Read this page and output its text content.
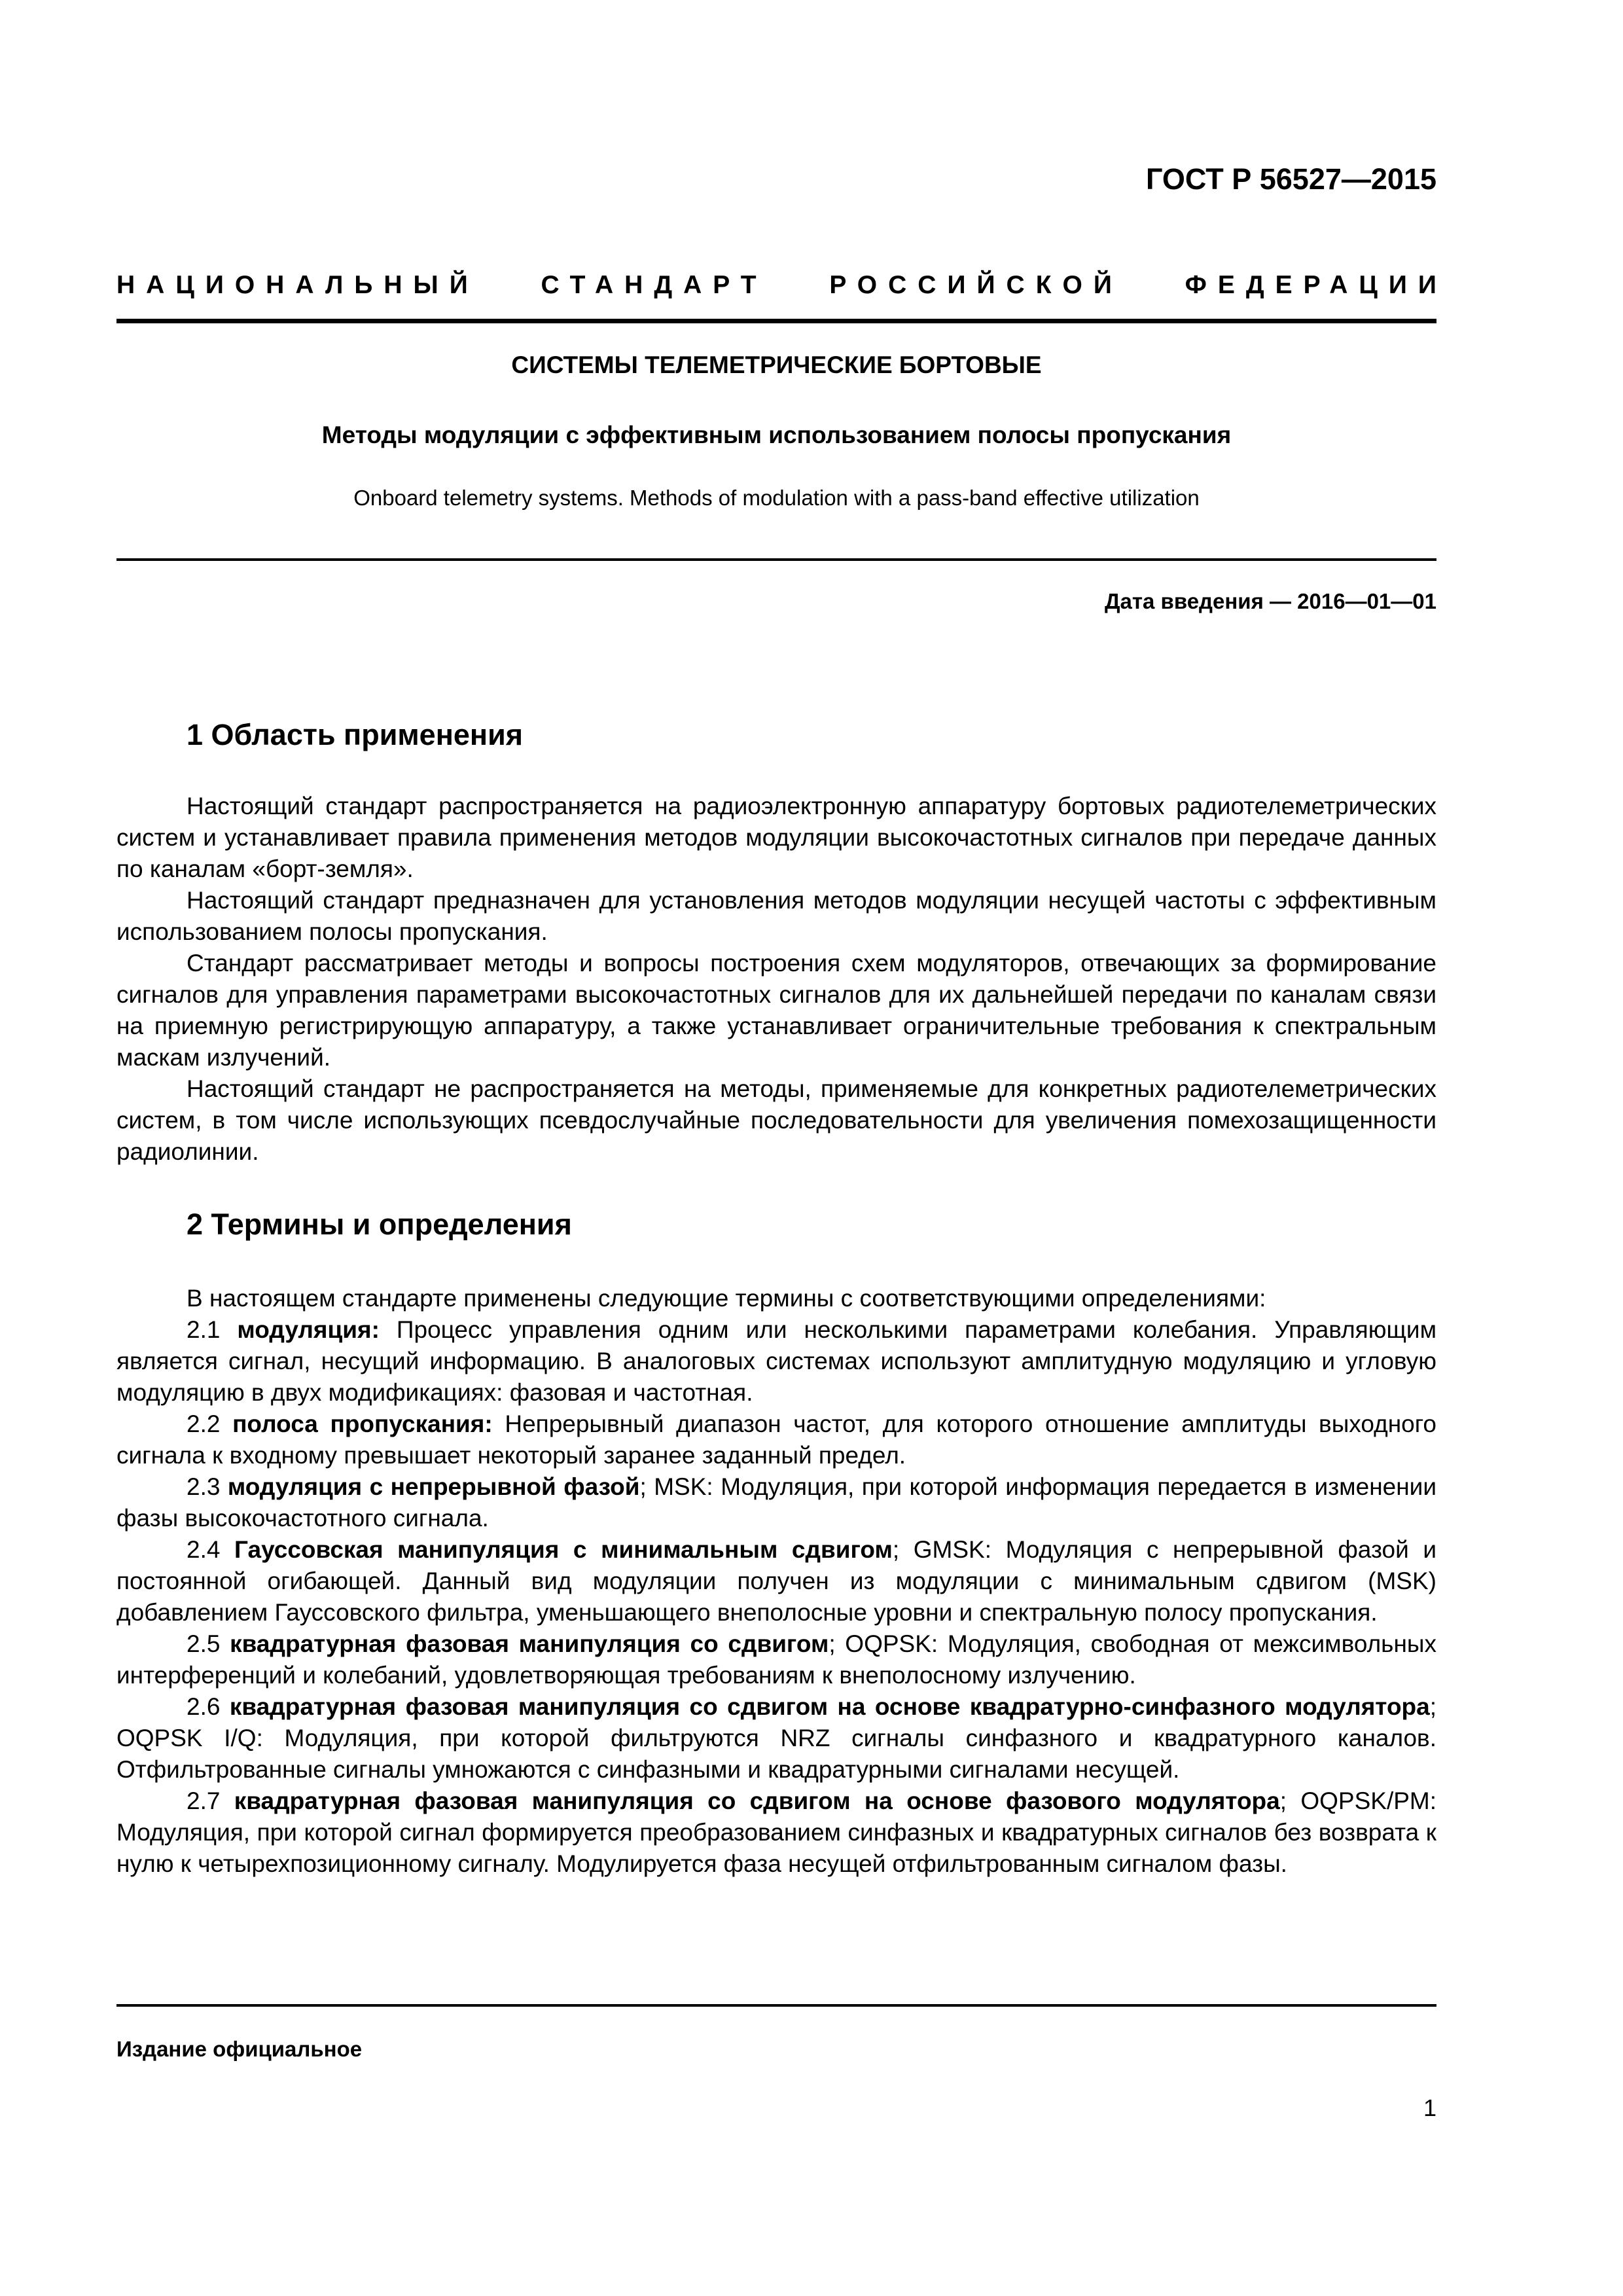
ГОСТ Р 56527—2015
НАЦИОНАЛЬНЫЙ СТАНДАРТ РОССИЙСКОЙ ФЕДЕРАЦИИ
СИСТЕМЫ ТЕЛЕМЕТРИЧЕСКИЕ БОРТОВЫЕ
Методы модуляции с эффективным использованием полосы пропускания
Onboard telemetry systems. Methods of modulation with a pass-band effective utilization
Дата введения — 2016—01—01
1 Область применения

Настоящий стандарт распространяется на радиоэлектронную аппаратуру бортовых радиотелеметрических систем и устанавливает правила применения методов модуляции высокочастотных сигналов при передаче данных по каналам «борт-земля».

Настоящий стандарт предназначен для установления методов модуляции несущей частоты с эффективным использованием полосы пропускания.

Стандарт рассматривает методы и вопросы построения схем модуляторов, отвечающих за формирование сигналов для управления параметрами высокочастотных сигналов для их дальнейшей передачи по каналам связи на приемную регистрирующую аппаратуру, а также устанавливает ограничительные требования к спектральным маскам излучений.

Настоящий стандарт не распространяется на методы, применяемые для конкретных радиотелеметрических систем, в том числе использующих псевдослучайные последовательности для увеличения помехозащищенности радиолинии.

2 Термины и определения

В настоящем стандарте применены следующие термины с соответствующими определениями:

2.1 модуляция: Процесс управления одним или несколькими параметрами колебания. Управляющим является сигнал, несущий информацию. В аналоговых системах используют амплитудную модуляцию и угловую модуляцию в двух модификациях: фазовая и частотная.

2.2 полоса пропускания: Непрерывный диапазон частот, для которого отношение амплитуды выходного сигнала к входному превышает некоторый заранее заданный предел.

2.3 модуляция с непрерывной фазой; MSK: Модуляция, при которой информация передается в изменении фазы высокочастотного сигнала.

2.4 Гауссовская манипуляция с минимальным сдвигом; GMSK: Модуляция с непрерывной фазой и постоянной огибающей. Данный вид модуляции получен из модуляции с минимальным сдвигом (MSK) добавлением Гауссовского фильтра, уменьшающего внеполосные уровни и спектральную полосу пропускания.

2.5 квадратурная фазовая манипуляция со сдвигом; OQPSK: Модуляция, свободная от межсимвольных интерференций и колебаний, удовлетворяющая требованиям к внеполосному излучению.

2.6 квадратурная фазовая манипуляция со сдвигом на основе квадратурно-синфазного модулятора; OQPSK I/Q: Модуляция, при которой фильтруются NRZ сигналы синфазного и квадратурного каналов. Отфильтрованные сигналы умножаются с синфазными и квадратурными сигналами несущей.

2.7 квадратурная фазовая манипуляция со сдвигом на основе фазового модулятора; OQPSK/PM: Модуляция, при которой сигнал формируется преобразованием синфазных и квадратурных сигналов без возврата к нулю к четырехпозиционному сигналу. Модулируется фаза несущей отфильтрованным сигналом фазы.

Издание официальное
1
